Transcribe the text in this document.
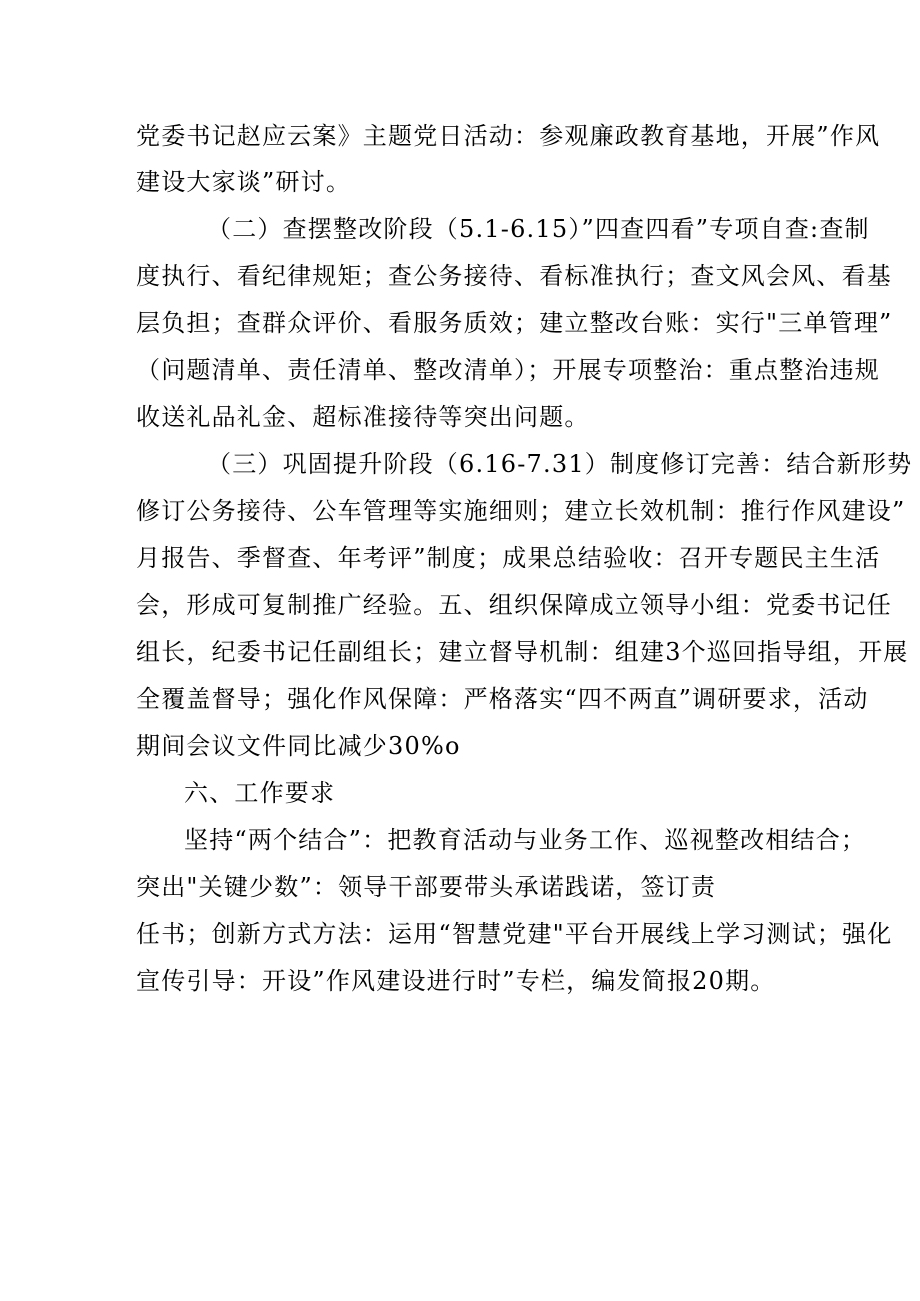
党委书记赵应云案》主题党日活动：参观廉政教育基地，开展”作风
建设大家谈”研讨。
（二）查摆整改阶段（5.1-6.15）”四查四看”专项自查:查制
度执行、看纪律规矩；查公务接待、看标准执行；查文风会风、看基
层负担；查群众评价、看服务质效；建立整改台账：实行"三单管理”
（问题清单、责任清单、整改清单）；开展专项整治：重点整治违规
收送礼品礼金、超标准接待等突出问题。
（三）巩固提升阶段（6.16-7.31）制度修订完善：结合新形势
修订公务接待、公车管理等实施细则；建立长效机制：推行作风建设”
月报告、季督查、年考评”制度；成果总结验收：召开专题民主生活
会，形成可复制推广经验。五、组织保障成立领导小组：党委书记任
组长，纪委书记任副组长；建立督导机制：组建3个巡回指导组，开展
全覆盖督导；强化作风保障：严格落实“四不两直”调研要求，活动
期间会议文件同比减少30%o
六、工作要求
坚持“两个结合”：把教育活动与业务工作、巡视整改相结合；
突出"关键少数”：领导干部要带头承诺践诺，签订责
任书；创新方式方法：运用“智慧党建"平台开展线上学习测试；强化
宣传引导：开设”作风建设进行时”专栏，编发简报20期。
